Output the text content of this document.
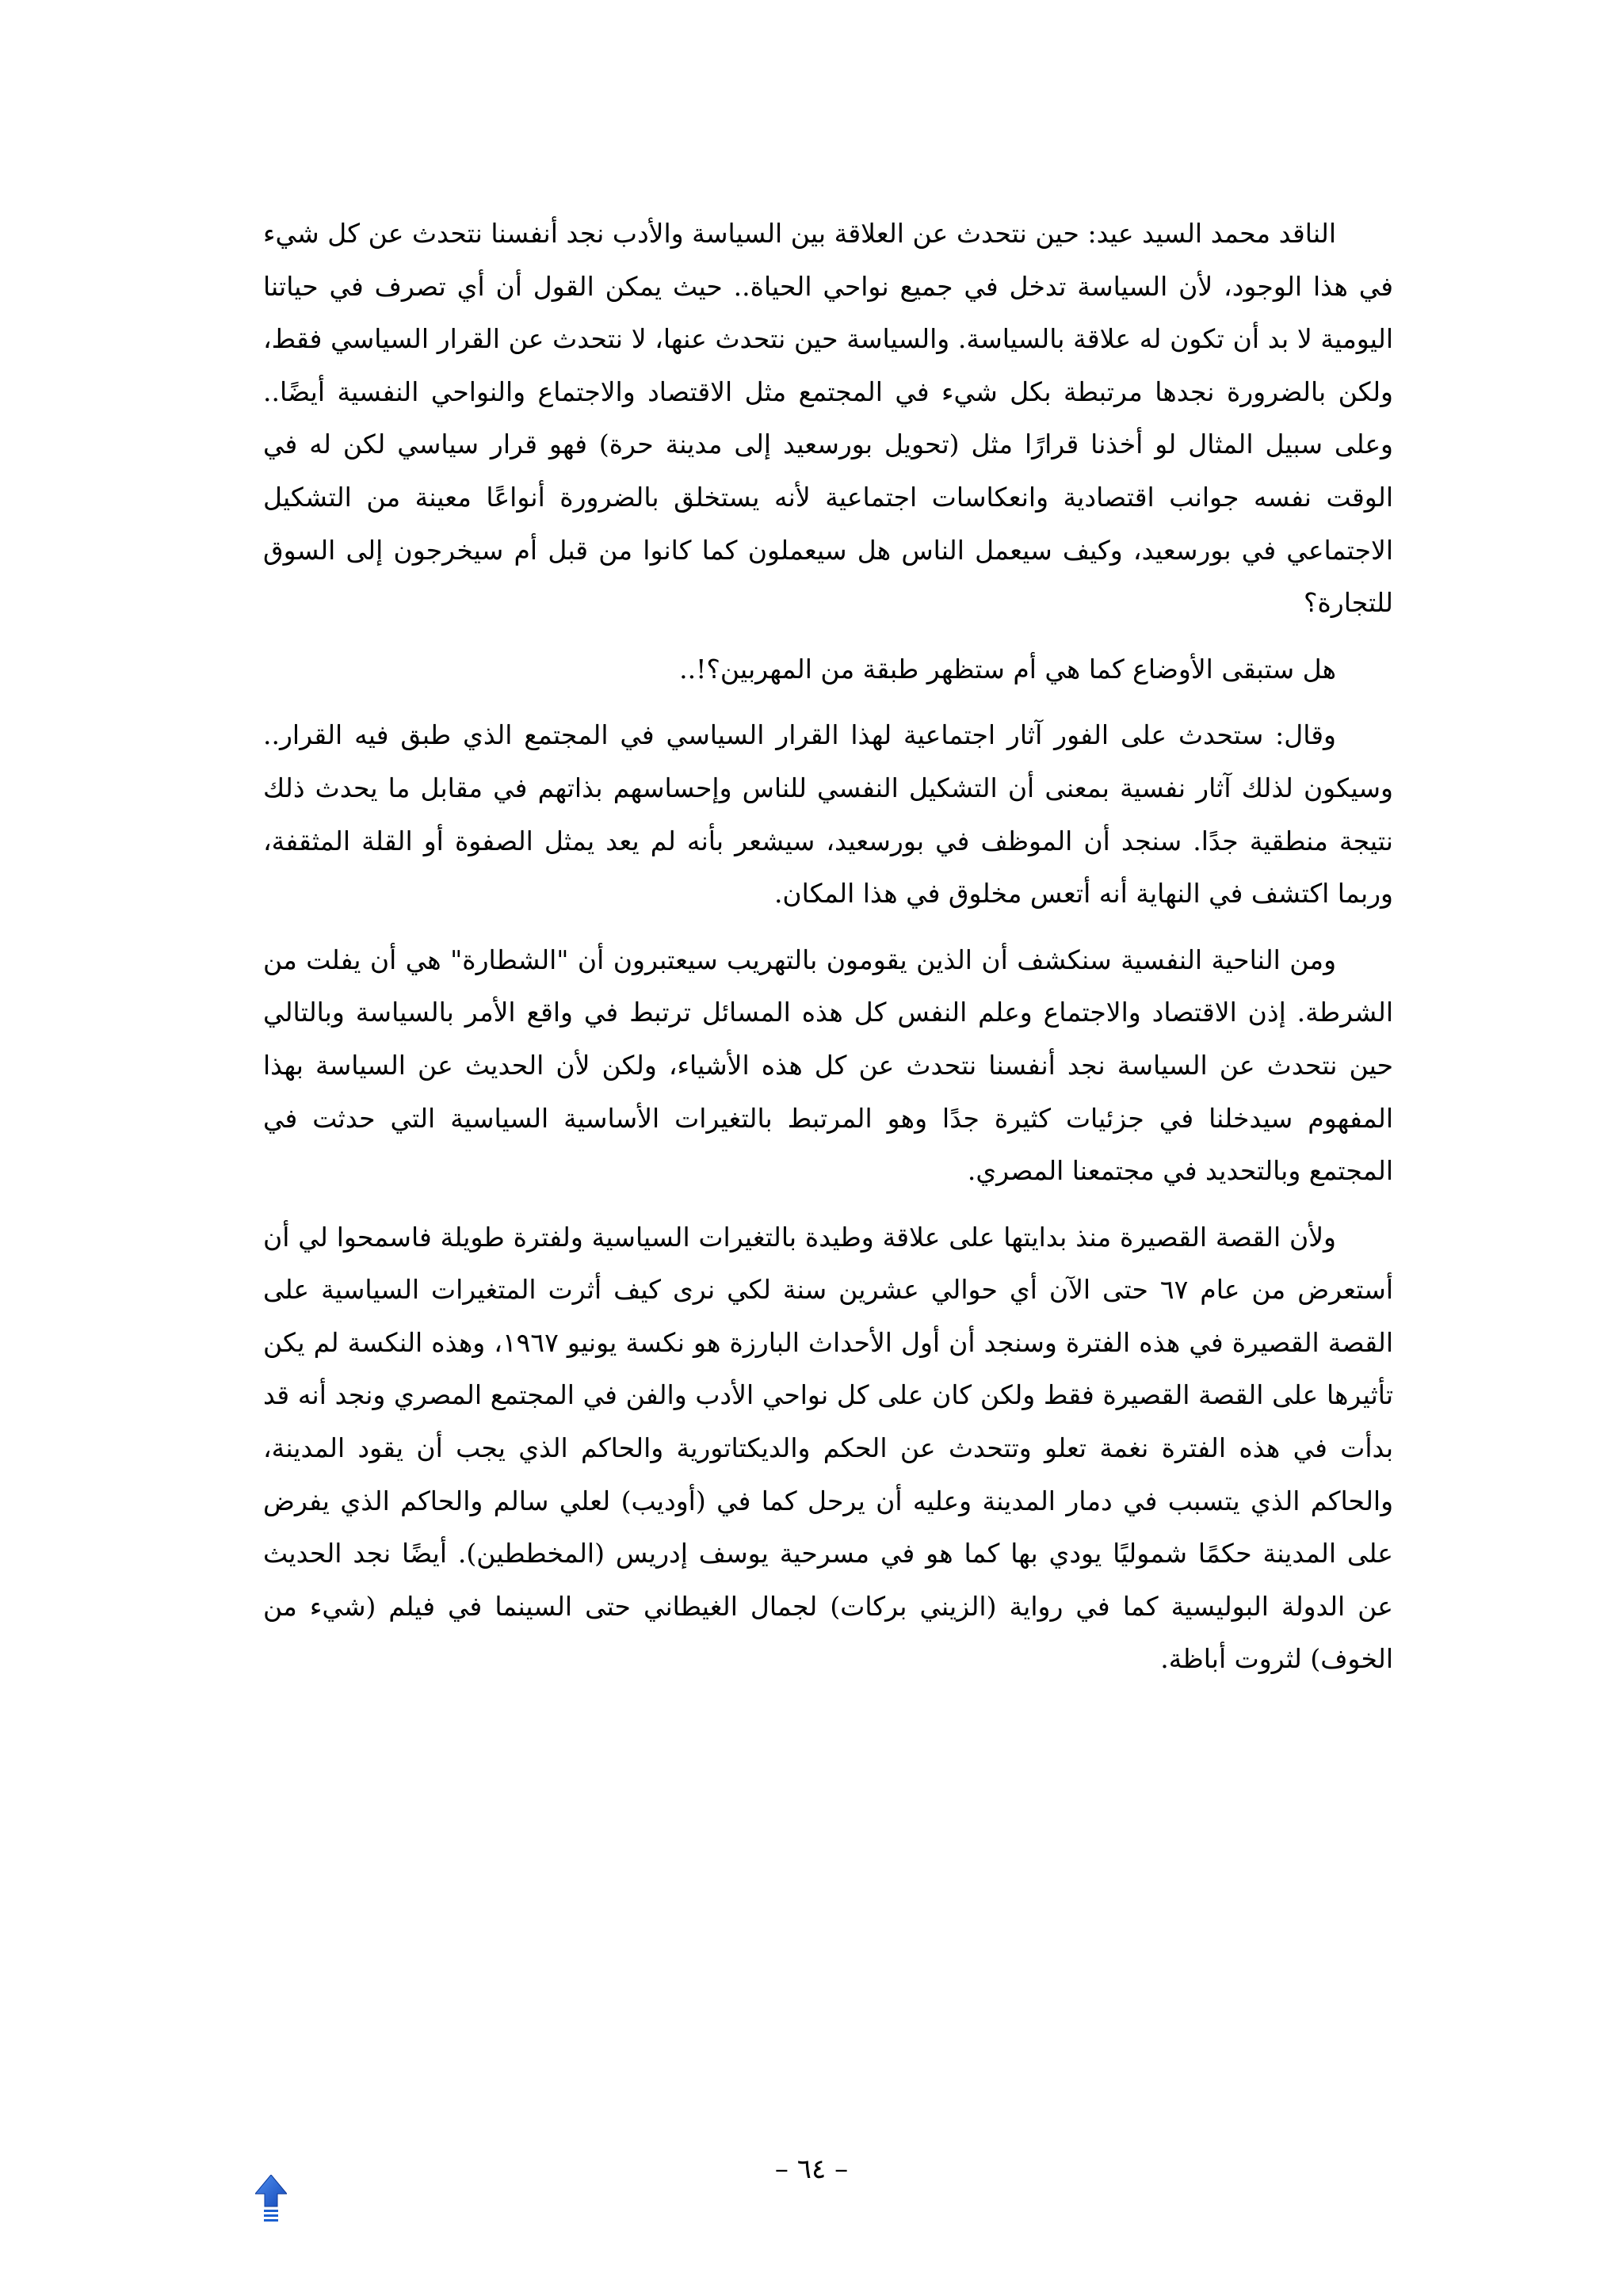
الناقد محمد السيد عيد: حين نتحدث عن العلاقة بين السياسة والأدب نجد أنفسنا نتحدث عن كل شيء في هذا الوجود، لأن السياسة تدخل في جميع نواحي الحياة.. حيث يمكن القول أن أي تصرف في حياتنا اليومية لا بد أن تكون له علاقة بالسياسة. والسياسة حين نتحدث عنها، لا نتحدث عن القرار السياسي فقط، ولكن بالضرورة نجدها مرتبطة بكل شيء في المجتمع مثل الاقتصاد والاجتماع والنواحي النفسية أيضًا.. وعلى سبيل المثال لو أخذنا قرارًا مثل (تحويل بورسعيد إلى مدينة حرة) فهو قرار سياسي لكن له في الوقت نفسه جوانب اقتصادية وانعكاسات اجتماعية لأنه يستخلق بالضرورة أنواعًا معينة من التشكيل الاجتماعي في بورسعيد، وكيف سيعمل الناس هل سيعملون كما كانوا من قبل أم سيخرجون إلى السوق للتجارة؟

هل ستبقى الأوضاع كما هي أم ستظهر طبقة من المهربين؟!..

وقال: ستحدث على الفور آثار اجتماعية لهذا القرار السياسي في المجتمع الذي طبق فيه القرار.. وسيكون لذلك آثار نفسية بمعنى أن التشكيل النفسي للناس وإحساسهم بذاتهم في مقابل ما يحدث ذلك نتيجة منطقية جدًا. سنجد أن الموظف في بورسعيد، سيشعر بأنه لم يعد يمثل الصفوة أو القلة المثقفة، وربما اكتشف في النهاية أنه أتعس مخلوق في هذا المكان.

ومن الناحية النفسية سنكشف أن الذين يقومون بالتهريب سيعتبرون أن "الشطارة" هي أن يفلت من الشرطة. إذن الاقتصاد والاجتماع وعلم النفس كل هذه المسائل ترتبط في واقع الأمر بالسياسة وبالتالي حين نتحدث عن السياسة نجد أنفسنا نتحدث عن كل هذه الأشياء، ولكن لأن الحديث عن السياسة بهذا المفهوم سيدخلنا في جزئيات كثيرة جدًا وهو المرتبط بالتغيرات الأساسية السياسية التي حدثت في المجتمع وبالتحديد في مجتمعنا المصري.

ولأن القصة القصيرة منذ بدايتها على علاقة وطيدة بالتغيرات السياسية ولفترة طويلة فاسمحوا لي أن أستعرض من عام ٦٧ حتى الآن أي حوالي عشرين سنة لكي نرى كيف أثرت المتغيرات السياسية على القصة القصيرة في هذه الفترة وسنجد أن أول الأحداث البارزة هو نكسة يونيو ١٩٦٧، وهذه النكسة لم يكن تأثيرها على القصة القصيرة فقط ولكن كان على كل نواحي الأدب والفن في المجتمع المصري ونجد أنه قد بدأت في هذه الفترة نغمة تعلو وتتحدث عن الحكم والديكتاتورية والحاكم الذي يجب أن يقود المدينة، والحاكم الذي يتسبب في دمار المدينة وعليه أن يرحل كما في (أوديب) لعلي سالم والحاكم الذي يفرض على المدينة حكمًا شموليًا يودي بها كما هو في مسرحية يوسف إدريس (المخططين). أيضًا نجد الحديث عن الدولة البوليسية كما في رواية (الزيني بركات) لجمال الغيطاني حتى السينما في فيلم (شيء من الخوف) لثروت أباظة.

– ٦٤ –
